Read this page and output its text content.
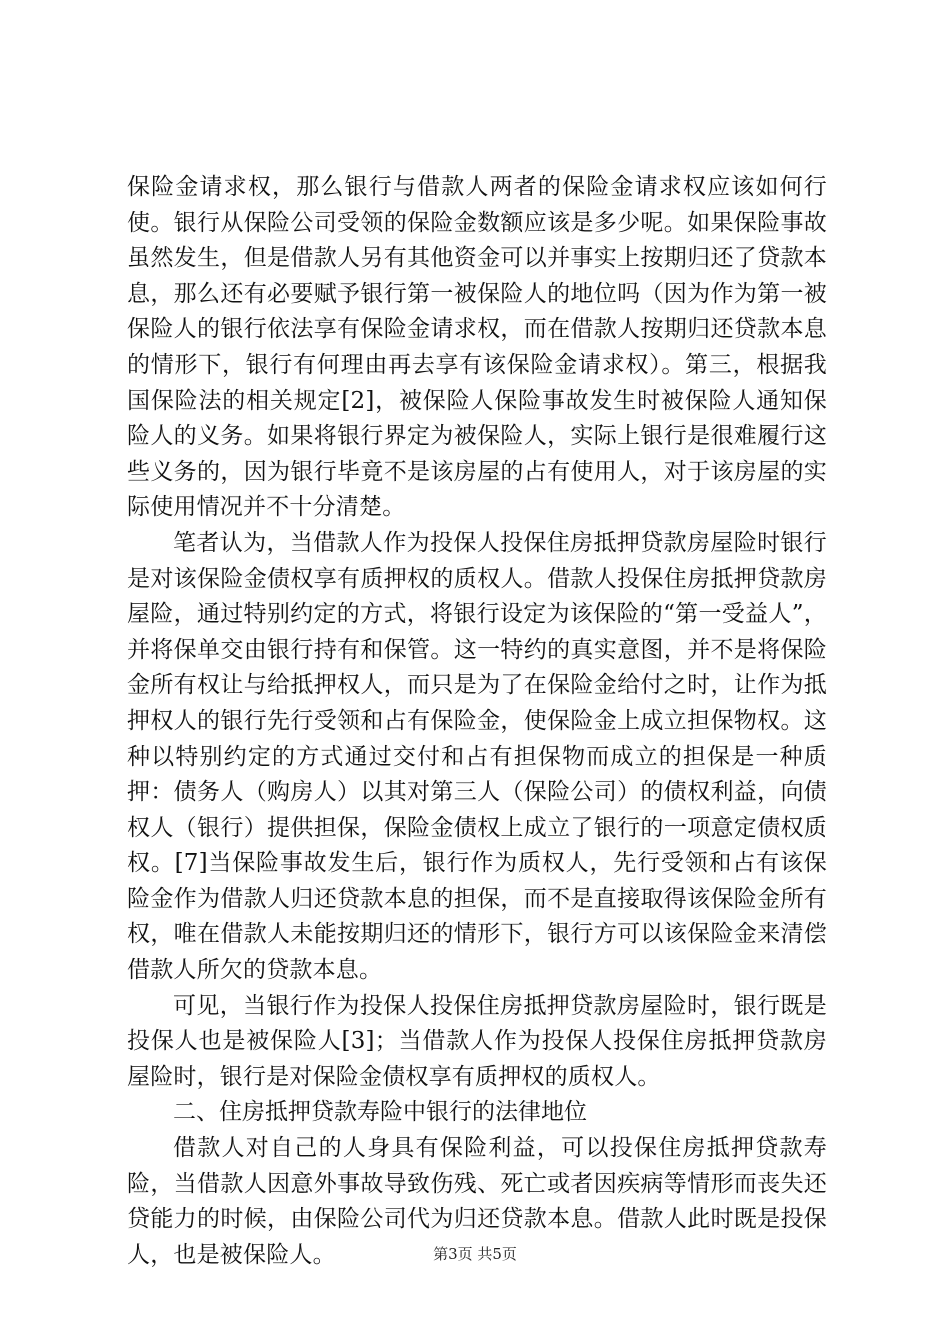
保险金请求权，那么银行与借款人两者的保险金请求权应该如何行使。银行从保险公司受领的保险金数额应该是多少呢。如果保险事故虽然发生，但是借款人另有其他资金可以并事实上按期归还了贷款本息，那么还有必要赋予银行第一被保险人的地位吗（因为作为第一被保险人的银行依法享有保险金请求权，而在借款人按期归还贷款本息的情形下，银行有何理由再去享有该保险金请求权）。第三，根据我国保险法的相关规定[2]，被保险人保险事故发生时被保险人通知保险人的义务。如果将银行界定为被保险人，实际上银行是很难履行这些义务的，因为银行毕竟不是该房屋的占有使用人，对于该房屋的实际使用情况并不十分清楚。

笔者认为，当借款人作为投保人投保住房抵押贷款房屋险时银行是对该保险金债权享有质押权的质权人。借款人投保住房抵押贷款房屋险，通过特别约定的方式，将银行设定为该保险的“第一受益人”，并将保单交由银行持有和保管。这一特约的真实意图，并不是将保险金所有权让与给抵押权人，而只是为了在保险金给付之时，让作为抵押权人的银行先行受领和占有保险金，使保险金上成立担保物权。这种以特别约定的方式通过交付和占有担保物而成立的担保是一种质押：债务人（购房人）以其对第三人（保险公司）的债权利益，向债权人（银行）提供担保，保险金债权上成立了银行的一项意定债权质权。[7]当保险事故发生后，银行作为质权人，先行受领和占有该保险金作为借款人归还贷款本息的担保，而不是直接取得该保险金所有权，唯在借款人未能按期归还的情形下，银行方可以该保险金来清偿借款人所欠的贷款本息。

可见，当银行作为投保人投保住房抵押贷款房屋险时，银行既是投保人也是被保险人[3]；当借款人作为投保人投保住房抵押贷款房屋险时，银行是对保险金债权享有质押权的质权人。

二、住房抵押贷款寿险中银行的法律地位

借款人对自己的人身具有保险利益，可以投保住房抵押贷款寿险，当借款人因意外事故导致伤残、死亡或者因疾病等情形而丧失还贷能力的时候，由保险公司代为归还贷款本息。借款人此时既是投保人，也是被保险人。	第3页 共5页
